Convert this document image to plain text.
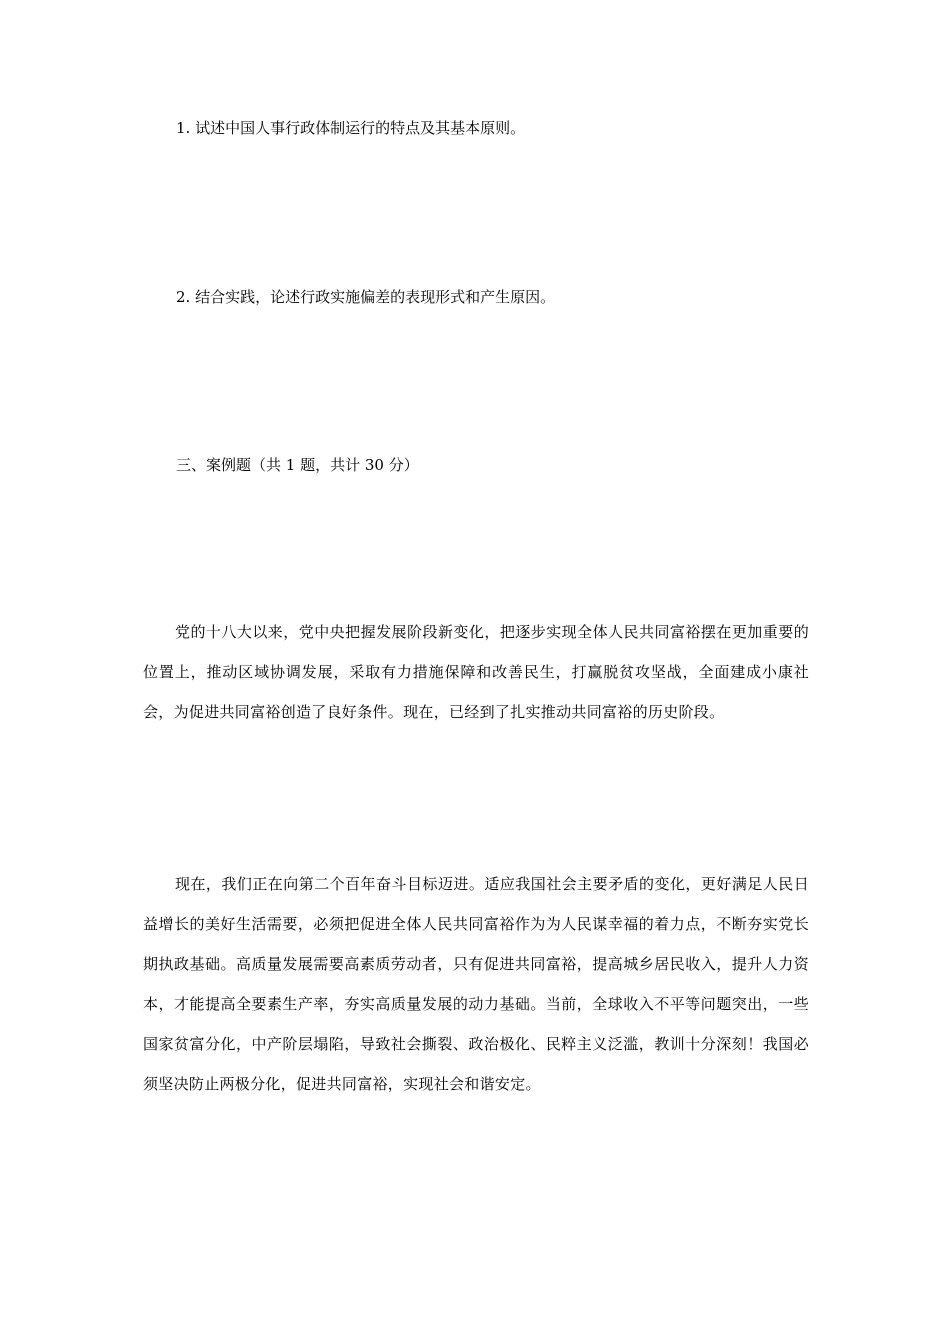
1. 试述中国人事行政体制运行的特点及其基本原则。
2. 结合实践，论述行政实施偏差的表现形式和产生原因。
三、案例题（共 1 题，共计 30 分）
党的十八大以来，党中央把握发展阶段新变化，把逐步实现全体人民共同富裕摆在更加重要的位置上，推动区域协调发展，采取有力措施保障和改善民生，打赢脱贫攻坚战，全面建成小康社会，为促进共同富裕创造了良好条件。现在，已经到了扎实推动共同富裕的历史阶段。
现在，我们正在向第二个百年奋斗目标迈进。适应我国社会主要矛盾的变化，更好满足人民日益增长的美好生活需要，必须把促进全体人民共同富裕作为为人民谋幸福的着力点，不断夯实党长期执政基础。高质量发展需要高素质劳动者，只有促进共同富裕，提高城乡居民收入，提升人力资本，才能提高全要素生产率，夯实高质量发展的动力基础。当前，全球收入不平等问题突出，一些国家贫富分化，中产阶层塌陷，导致社会撕裂、政治极化、民粹主义泛滥，教训十分深刻！我国必须坚决防止两极分化，促进共同富裕，实现社会和谐安定。
